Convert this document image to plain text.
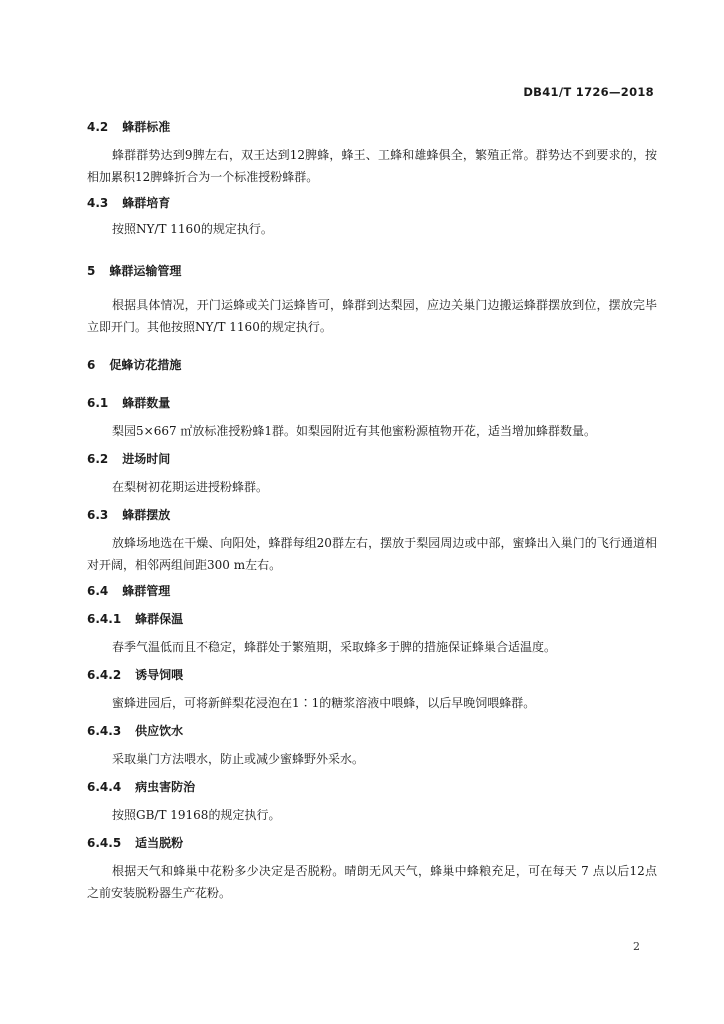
DB41/T 1726—2018
4.2 蜂群标准
蜂群群势达到9脾左右，双王达到12脾蜂，蜂王、工蜂和雄蜂俱全，繁殖正常。群势达不到要求的，按相加累积12脾蜂折合为一个标准授粉蜂群。
4.3 蜂群培育
按照NY/T 1160的规定执行。
5 蜂群运输管理
根据具体情况，开门运蜂或关门运蜂皆可，蜂群到达梨园，应边关巢门边搬运蜂群摆放到位，摆放完毕立即开门。其他按照NY/T 1160的规定执行。
6 促蜂访花措施
6.1 蜂群数量
梨园5×667 ㎡放标准授粉蜂1群。如梨园附近有其他蜜粉源植物开花，适当增加蜂群数量。
6.2 进场时间
在梨树初花期运进授粉蜂群。
6.3 蜂群摆放
放蜂场地选在干燥、向阳处，蜂群每组20群左右，摆放于梨园周边或中部，蜜蜂出入巢门的飞行通道相对开阔，相邻两组间距300 m左右。
6.4 蜂群管理
6.4.1 蜂群保温
春季气温低而且不稳定，蜂群处于繁殖期，采取蜂多于脾的措施保证蜂巢合适温度。
6.4.2 诱导饲喂
蜜蜂进园后，可将新鲜梨花浸泡在1∶1的糖浆溶液中喂蜂，以后早晚饲喂蜂群。
6.4.3 供应饮水
采取巢门方法喂水，防止或减少蜜蜂野外采水。
6.4.4 病虫害防治
按照GB/T 19168的规定执行。
6.4.5 适当脱粉
根据天气和蜂巢中花粉多少决定是否脱粉。晴朗无风天气，蜂巢中蜂粮充足，可在每天 7 点以后12点之前安装脱粉器生产花粉。
2
